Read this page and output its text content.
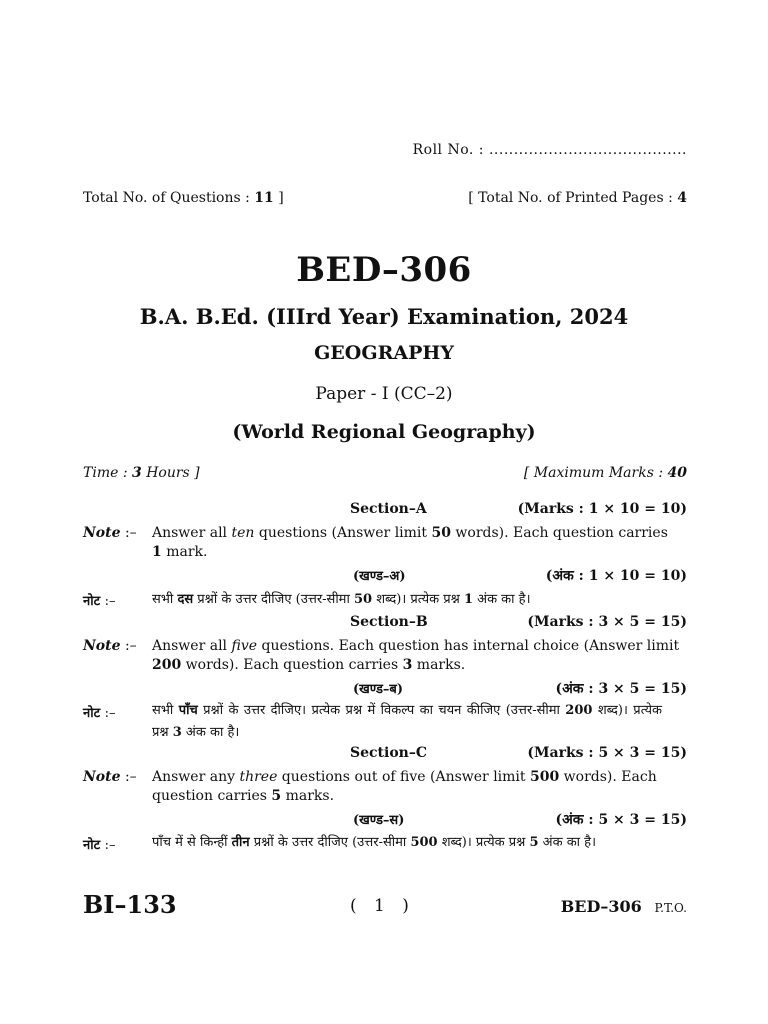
Roll No. : ........................................
Total No. of Questions : 11 ]	[ Total No. of Printed Pages : 4
BED–306
B.A. B.Ed. (IIIrd Year) Examination, 2024
GEOGRAPHY
Paper - I (CC–2)
(World Regional Geography)
Time : 3 Hours ]	[ Maximum Marks : 40
Section–A	(Marks : 1 × 10 = 10)
Note :– Answer all ten questions (Answer limit 50 words). Each question carries
1 mark.
(खण्ड–अ)	(अंक : 1 × 10 = 10)
नोट :–	सभी दस प्रश्नों के उत्तर दीजिए (उत्तर-सीमा 50 शब्द)। प्रत्येक प्रश्न 1 अंक का है।
Section–B	(Marks : 3 × 5 = 15)
Note :– Answer all five questions. Each question has internal choice (Answer limit
200 words). Each question carries 3 marks.
(खण्ड–ब)	(अंक : 3 × 5 = 15)
नोट :–	सभी पाँच प्रश्नों के उत्तर दीजिए। प्रत्येक प्रश्न में विकल्प का चयन कीजिए (उत्तर-सीमा 200 शब्द)। प्रत्येक प्रश्न 3 अंक का है।
Section–C	(Marks : 5 × 3 = 15)
Note :– Answer any three questions out of five (Answer limit 500 words). Each question carries 5 marks.
(खण्ड–स)	(अंक : 5 × 3 = 15)
नोट :–	पाँच में से किन्हीं तीन प्रश्नों के उत्तर दीजिए (उत्तर-सीमा 500 शब्द)। प्रत्येक प्रश्न 5 अंक का है।
BI–133	( 1 )	BED–306 P.T.O.
